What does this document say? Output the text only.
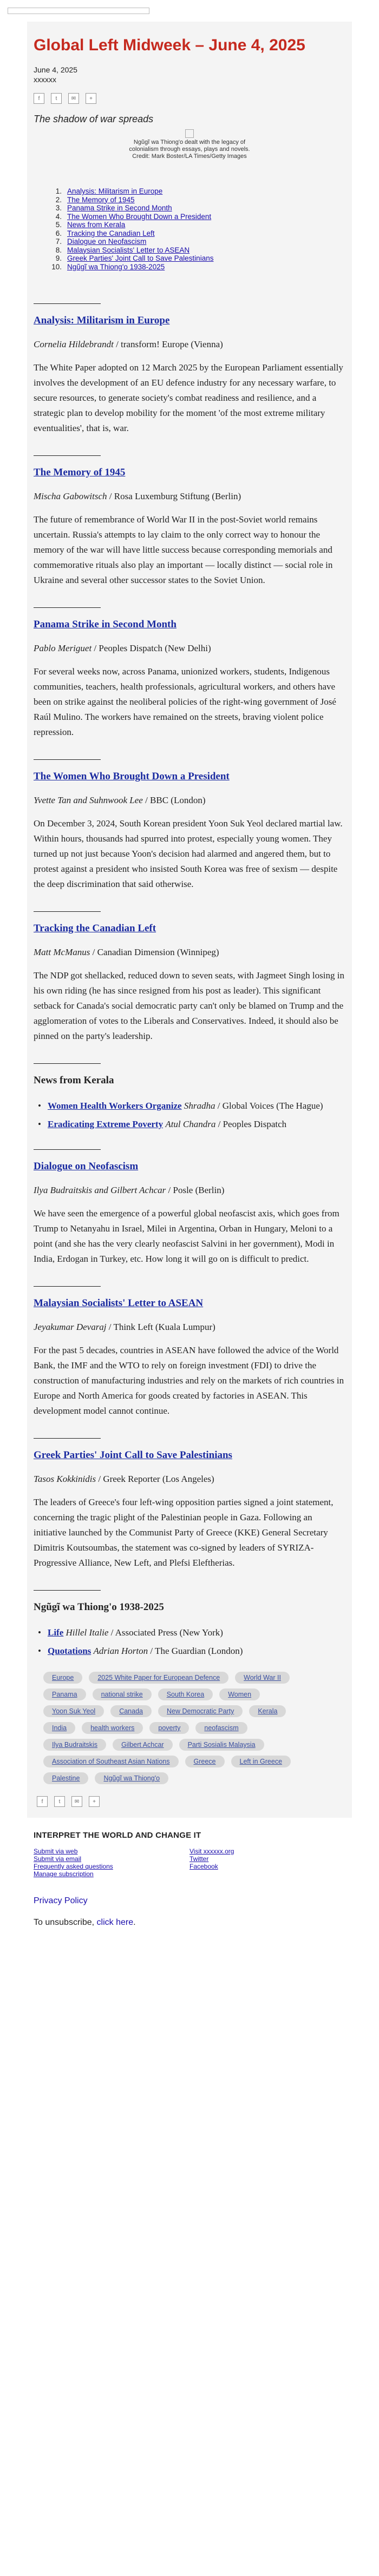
Global Left Midweek – June 4, 2025
June 4, 2025
xxxxxx
f	t	✉	+
The shadow of war spreads
Ngũgĩ wa Thiong'o dealt with the legacy of colonialism through essays, plays and novels. Credit: Mark Boster/LA Times/Getty Images
1. Analysis: Militarism in Europe
2. The Memory of 1945
3. Panama Strike in Second Month
4. The Women Who Brought Down a President
5. News from Kerala
6. Tracking the Canadian Left
7. Dialogue on Neofascism
8. Malaysian Socialists' Letter to ASEAN
9. Greek Parties' Joint Call to Save Palestinians
10. Ngũgĩ wa Thiong'o 1938-2025
Analysis: Militarism in Europe
Cornelia Hildebrandt / transform! Europe (Vienna)
The White Paper adopted on 12 March 2025 by the European Parliament essentially involves the development of an EU defence industry for any necessary warfare, to secure resources, to generate society's combat readiness and resilience, and a strategic plan to develop mobility for the moment 'of the most extreme military eventualities', that is, war.
The Memory of 1945
Mischa Gabowitsch / Rosa Luxemburg Stiftung (Berlin)
The future of remembrance of World War II in the post-Soviet world remains uncertain. Russia's attempts to lay claim to the only correct way to honour the memory of the war will have little success because corresponding memorials and commemorative rituals also play an important — locally distinct — social role in Ukraine and several other successor states to the Soviet Union.
Panama Strike in Second Month
Pablo Meriguet / Peoples Dispatch (New Delhi)
For several weeks now, across Panama, unionized workers, students, Indigenous communities, teachers, health professionals, agricultural workers, and others have been on strike against the neoliberal policies of the right-wing government of José Raúl Mulino. The workers have remained on the streets, braving violent police repression.
The Women Who Brought Down a President
Yvette Tan and Suhnwook Lee / BBC (London)
On December 3, 2024, South Korean president Yoon Suk Yeol declared martial law. Within hours, thousands had spurred into protest, especially young women. They turned up not just because Yoon's decision had alarmed and angered them, but to protest against a president who insisted South Korea was free of sexism — despite the deep discrimination that said otherwise.
Tracking the Canadian Left
Matt McManus / Canadian Dimension (Winnipeg)
The NDP got shellacked, reduced down to seven seats, with Jagmeet Singh losing in his own riding (he has since resigned from his post as leader). This significant setback for Canada's social democratic party can't only be blamed on Trump and the agglomeration of votes to the Liberals and Conservatives. Indeed, it should also be pinned on the party's leadership.
News from Kerala
• Women Health Workers Organize Shradha / Global Voices (The Hague)
• Eradicating Extreme Poverty Atul Chandra / Peoples Dispatch
Dialogue on Neofascism
Ilya Budraitskis and Gilbert Achcar / Posle (Berlin)
We have seen the emergence of a powerful global neofascist axis, which goes from Trump to Netanyahu in Israel, Milei in Argentina, Orban in Hungary, Meloni to a point (and she has the very clearly neofascist Salvini in her government), Modi in India, Erdogan in Turkey, etc. How long it will go on is difficult to predict.
Malaysian Socialists' Letter to ASEAN
Jeyakumar Devaraj / Think Left (Kuala Lumpur)
For the past 5 decades, countries in ASEAN have followed the advice of the World Bank, the IMF and the WTO to rely on foreign investment (FDI) to drive the construction of manufacturing industries and rely on the markets of rich countries in Europe and North America for goods created by factories in ASEAN. This development model cannot continue.
Greek Parties' Joint Call to Save Palestinians
Tasos Kokkinidis / Greek Reporter (Los Angeles)
The leaders of Greece's four left-wing opposition parties signed a joint statement, concerning the tragic plight of the Palestinian people in Gaza. Following an initiative launched by the Communist Party of Greece (KKE) General Secretary Dimitris Koutsoumbas, the statement was co-signed by leaders of SYRIZA-Progressive Alliance, New Left, and Plefsi Eleftherias.
Ngũgĩ wa Thiong'o 1938-2025
• Life Hillel Italie / Associated Press (New York)
• Quotations Adrian Horton / The Guardian (London)
Europe	2025 White Paper for European Defence	World War II
Panama	national strike	South Korea	Women
Yoon Suk Yeol	Canada	New Democratic Party	Kerala
India	health workers	poverty	neofascism
Ilya Budraitskis	Gilbert Achcar	Parti Sosialis Malaysia
Association of Southeast Asian Nations	Greece	Left in Greece
Palestine	Ngũgĩ wa Thiong'o
f	t	✉	+
INTERPRET THE WORLD AND CHANGE IT
Submit via web
Submit via email
Frequently asked questions
Manage subscription
Visit xxxxxx.org
Twitter
Facebook
Privacy Policy
To unsubscribe, click here.
